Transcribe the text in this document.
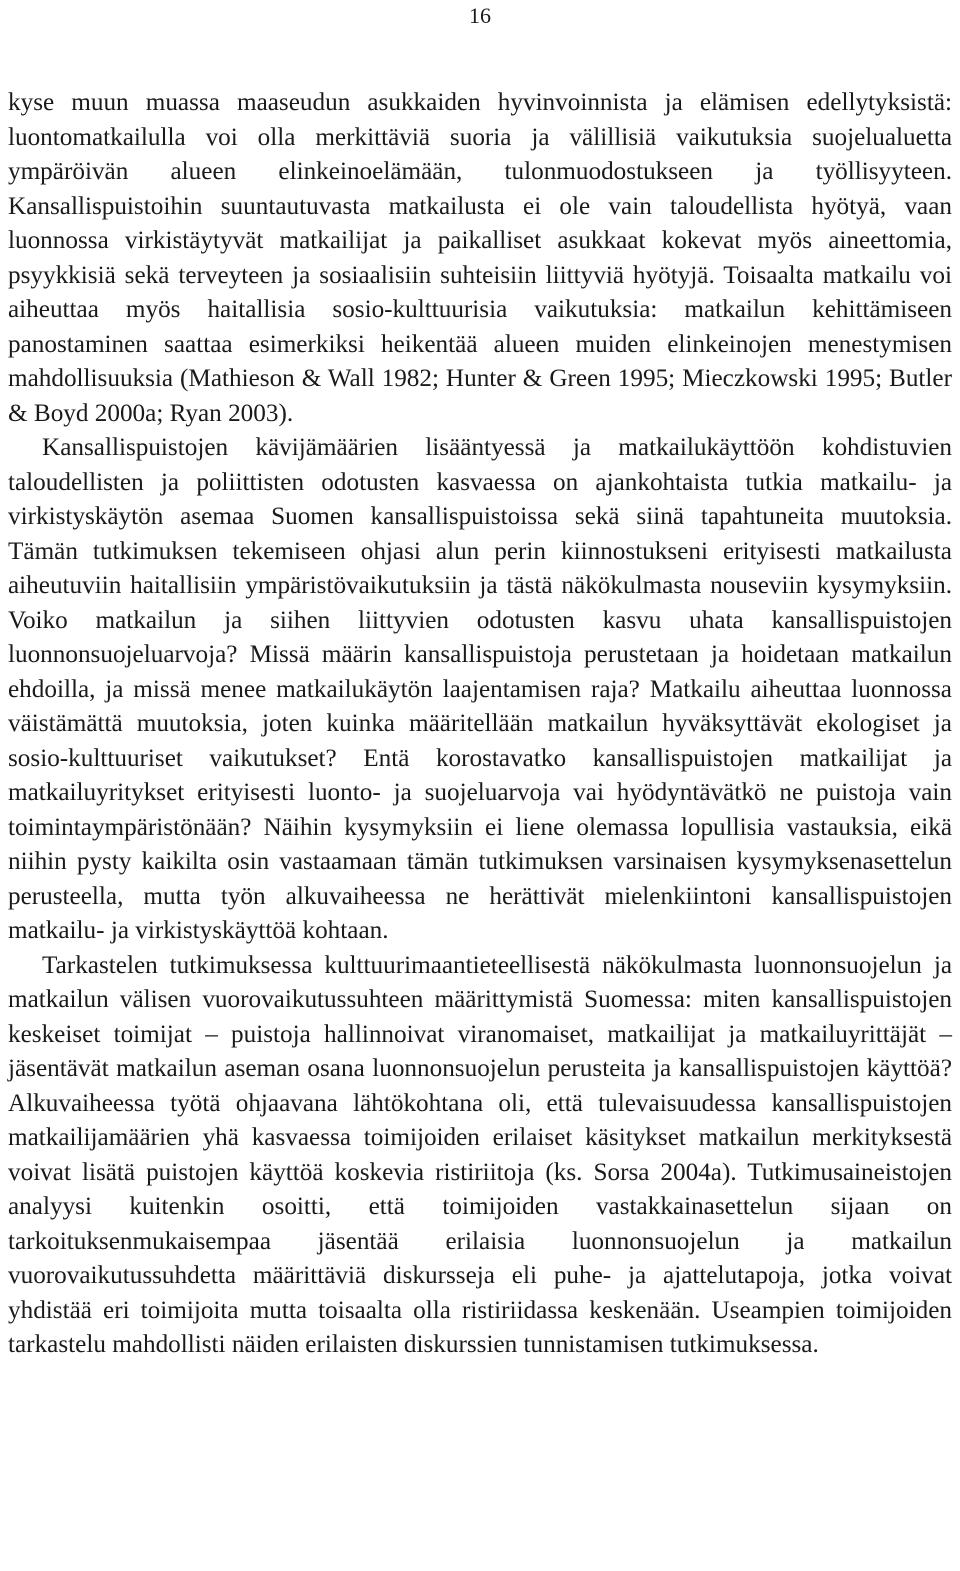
16

kyse muun muassa maaseudun asukkaiden hyvinvoinnista ja elämisen edellytyksistä: luontomatkailulla voi olla merkittäviä suoria ja välillisiä vaikutuksia suojelualuetta ympäröivän alueen elinkeinoelämään, tulonmuodostukseen ja työllisyyteen. Kansallispuistoihin suuntautuvasta matkailusta ei ole vain taloudellista hyötyä, vaan luonnossa virkistäytyvät matkailijat ja paikalliset asukkaat kokevat myös aineettomia, psyykkisiä sekä terveyteen ja sosiaalisiin suhteisiin liittyviä hyötyjä. Toisaalta matkailu voi aiheuttaa myös haitallisia sosio-kulttuurisia vaikutuksia: matkailun kehittämiseen panostaminen saattaa esimerkiksi heikentää alueen muiden elinkeinojen menestymisen mahdollisuuksia (Mathieson & Wall 1982; Hunter & Green 1995; Mieczkowski 1995; Butler & Boyd 2000a; Ryan 2003).

Kansallispuistojen kävijämäärien lisääntyessä ja matkailukäyttöön kohdistuvien taloudellisten ja poliittisten odotusten kasvaessa on ajankohtaista tutkia matkailu- ja virkistyskäytön asemaa Suomen kansallispuistoissa sekä siinä tapahtuneita muutoksia. Tämän tutkimuksen tekemiseen ohjasi alun perin kiinnostukseni erityisesti matkailusta aiheutuviin haitallisiin ympäristövaikutuksiin ja tästä näkökulmasta nouseviin kysymyksiin. Voiko matkailun ja siihen liittyvien odotusten kasvu uhata kansallispuistojen luonnonsuojeluarvoja? Missä määrin kansallispuistoja perustetaan ja hoidetaan matkailun ehdoilla, ja missä menee matkailukäytön laajentamisen raja? Matkailu aiheuttaa luonnossa väistämättä muutoksia, joten kuinka määritellään matkailun hyväksyttävät ekologiset ja sosio-kulttuuriset vaikutukset? Entä korostavatko kansallispuistojen matkailijat ja matkailuyritykset erityisesti luonto- ja suojeluarvoja vai hyödyntävätkö ne puistoja vain toimintaympäristönään? Näihin kysymyksiin ei liene olemassa lopullisia vastauksia, eikä niihin pysty kaikilta osin vastaamaan tämän tutkimuksen varsinaisen kysymyksenasettelun perusteella, mutta työn alkuvaiheessa ne herättivät mielenkiintoni kansallispuistojen matkailu- ja virkistyskäyttöä kohtaan.

Tarkastelen tutkimuksessa kulttuurimaantieteellisestä näkökulmasta luonnonsuojelun ja matkailun välisen vuorovaikutussuhteen määrittymistä Suomessa: miten kansallispuistojen keskeiset toimijat – puistoja hallinnoivat viranomaiset, matkailijat ja matkailuyrittäjät – jäsentävät matkailun aseman osana luonnonsuojelun perusteita ja kansallispuistojen käyttöä? Alkuvaiheessa työtä ohjaavana lähtökohtana oli, että tulevaisuudessa kansallispuistojen matkailijamäärien yhä kasvaessa toimijoiden erilaiset käsitykset matkailun merkityksestä voivat lisätä puistojen käyttöä koskevia ristiriitoja (ks. Sorsa 2004a). Tutkimusaineistojen analyysi kuitenkin osoitti, että toimijoiden vastakkainasettelun sijaan on tarkoituksenmukaisempaa jäsentää erilaisia luonnonsuojelun ja matkailun vuorovaikutussuhdetta määrittäviä diskursseja eli puhe- ja ajattelutapoja, jotka voivat yhdistää eri toimijoita mutta toisaalta olla ristiriidassa keskenään. Useampien toimijoiden tarkastelu mahdollisti näiden erilaisten diskurssien tunnistamisen tutkimuksessa.
